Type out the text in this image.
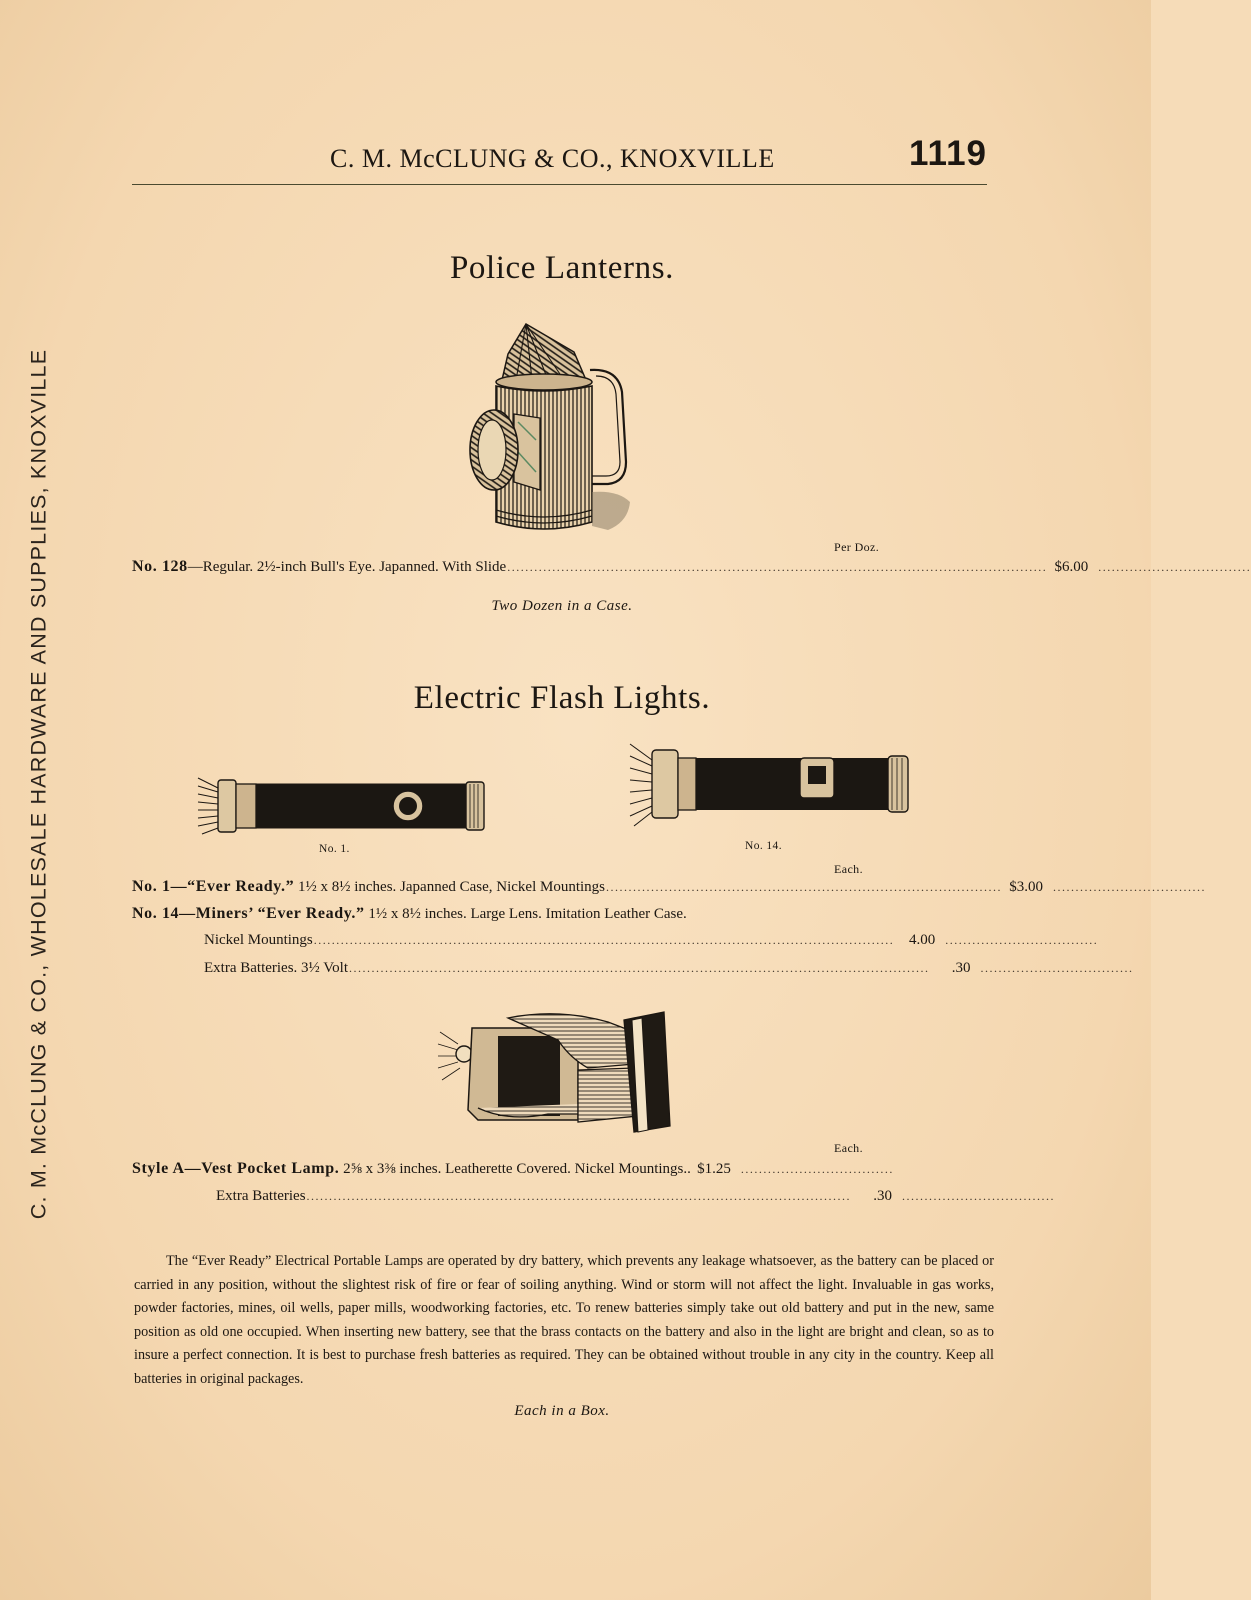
C. M. McCLUNG & CO., WHOLESALE HARDWARE AND SUPPLIES, KNOXVILLE
C. M. McCLUNG & CO., KNOXVILLE	1119
Police Lanterns.
Per Doz.
No. 128—Regular. 2½-inch Bull's Eye. Japanned. With Slide ........................................................................................................................ $6.00 ..................................
Two Dozen in a Case.
Electric Flash Lights.
No. 1.	No. 14.
Each.
No. 1—“Ever Ready.” 1½ x 8½ inches. Japanned Case, Nickel Mountings ........................................................................................ $3.00 ..................................
No. 14—Miners’ “Ever Ready.” 1½ x 8½ inches. Large Lens. Imitation Leather Case.
Nickel Mountings ................................................................................................................................. 4.00 ..................................
Extra Batteries. 3½ Volt .................................................................................................................................	.30 ..................................
Each.
Style A—Vest Pocket Lamp. 2⅝ x 3⅜ inches. Leatherette Covered. Nickel Mountings.. $1.25 ..................................
Extra Batteries .........................................................................................................................	.30 ..................................
The “Ever Ready” Electrical Portable Lamps are operated by dry battery, which prevents any leakage whatsoever, as the battery can be placed or carried in any position, without the slightest risk of fire or fear of soiling anything. Wind or storm will not affect the light. Invaluable in gas works, powder factories, mines, oil wells, paper mills, woodworking factories, etc. To renew batteries simply take out old battery and put in the new, same position as old one occupied. When inserting new battery, see that the brass contacts on the battery and also in the light are bright and clean, so as to insure a perfect connection. It is best to purchase fresh batteries as required. They can be obtained without trouble in any city in the country. Keep all batteries in original packages.
Each in a Box.
